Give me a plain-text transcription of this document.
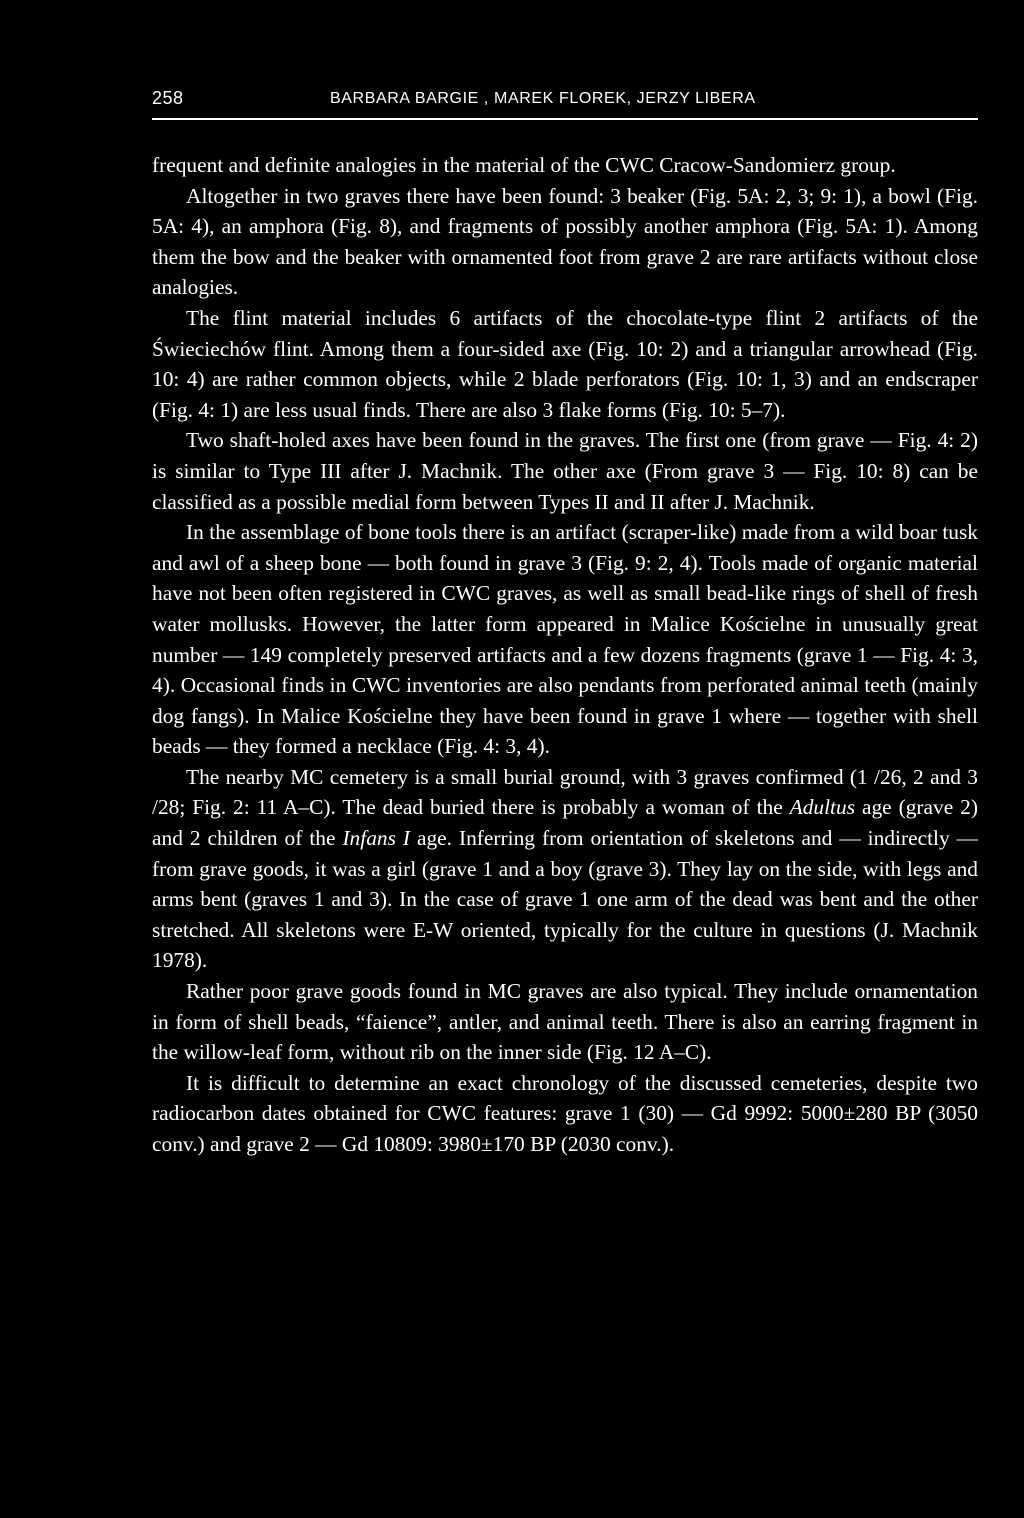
258	BARBARA BARGIE , MAREK FLOREK, JERZY LIBERA

frequent and definite analogies in the material of the CWC Cracow-Sandomierz group.

Altogether in two graves there have been found: 3 beaker (Fig. 5A: 2, 3; 9: 1), a bowl (Fig. 5A: 4), an amphora (Fig. 8), and fragments of possibly another amphora (Fig. 5A: 1). Among them the bow and the beaker with ornamented foot from grave 2 are rare artifacts without close analogies.

The flint material includes 6 artifacts of the chocolate-type flint 2 artifacts of the Świeciechów flint. Among them a four-sided axe (Fig. 10: 2) and a triangular arrowhead (Fig. 10: 4) are rather common objects, while 2 blade perforators (Fig. 10: 1, 3) and an endscraper (Fig. 4: 1) are less usual finds. There are also 3 flake forms (Fig. 10: 5–7).

Two shaft-holed axes have been found in the graves. The first one (from grave — Fig. 4: 2) is similar to Type III after J. Machnik. The other axe (From grave 3 — Fig. 10: 8) can be classified as a possible medial form between Types II and II after J. Machnik.

In the assemblage of bone tools there is an artifact (scraper-like) made from a wild boar tusk and awl of a sheep bone — both found in grave 3 (Fig. 9: 2, 4). Tools made of organic material have not been often registered in CWC graves, as well as small bead-like rings of shell of fresh water mollusks. However, the latter form appeared in Malice Kościelne in unusually great number — 149 completely preserved artifacts and a few dozens fragments (grave 1 — Fig. 4: 3, 4). Occasional finds in CWC inventories are also pendants from perforated animal teeth (mainly dog fangs). In Malice Kościelne they have been found in grave 1 where — together with shell beads — they formed a necklace (Fig. 4: 3, 4).

The nearby MC cemetery is a small burial ground, with 3 graves confirmed (1 /26, 2 and 3 /28; Fig. 2: 11 A–C). The dead buried there is probably a woman of the Adultus age (grave 2) and 2 children of the Infans I age. Inferring from orientation of skeletons and — indirectly — from grave goods, it was a girl (grave 1 and a boy (grave 3). They lay on the side, with legs and arms bent (graves 1 and 3). In the case of grave 1 one arm of the dead was bent and the other stretched. All skeletons were E-W oriented, typically for the culture in questions (J. Machnik 1978).

Rather poor grave goods found in MC graves are also typical. They include ornamentation in form of shell beads, “faience”, antler, and animal teeth. There is also an earring fragment in the willow-leaf form, without rib on the inner side (Fig. 12 A–C).

It is difficult to determine an exact chronology of the discussed cemeteries, despite two radiocarbon dates obtained for CWC features: grave 1 (30) — Gd 9992: 5000±280 BP (3050 conv.) and grave 2 — Gd 10809: 3980±170 BP (2030 conv.).
